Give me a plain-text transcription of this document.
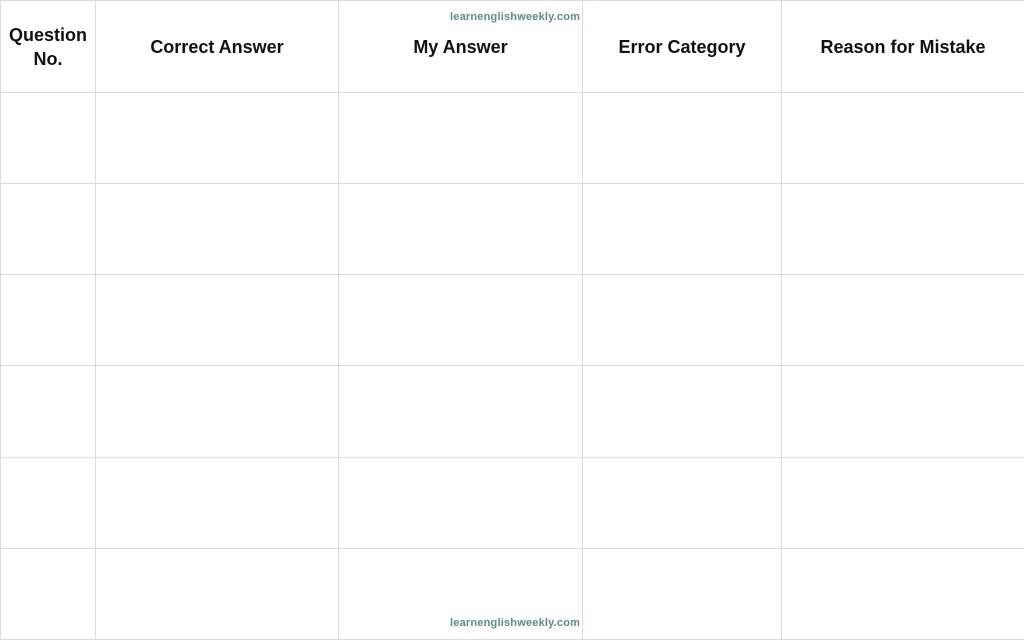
Question No.	Correct Answer	My Answer	Error Category	Reason for Mistake

learnenglishweekly.com
learnenglishweekly.com
